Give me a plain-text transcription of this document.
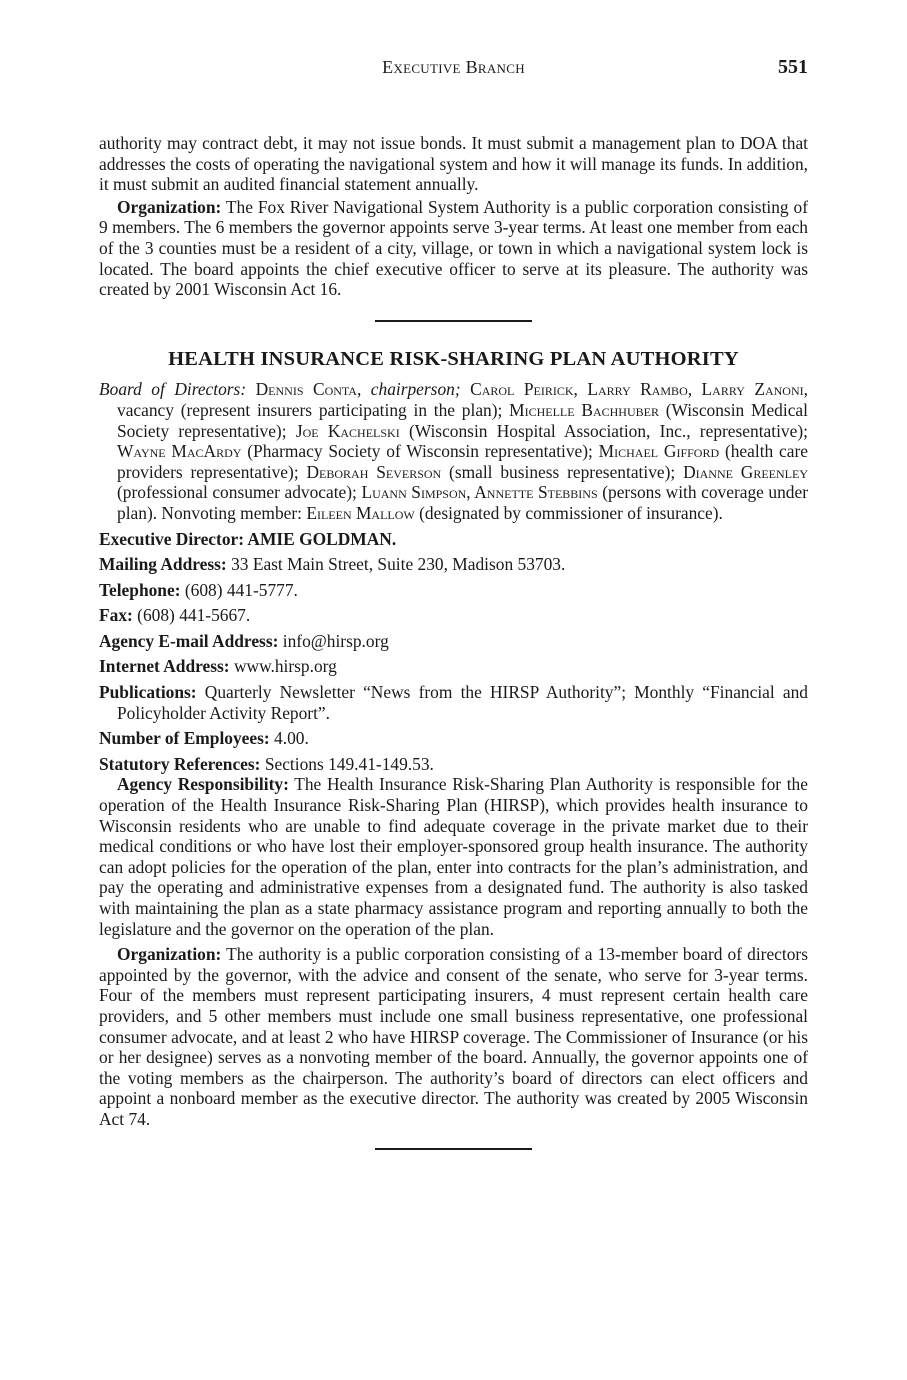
Executive Branch	551

authority may contract debt, it may not issue bonds. It must submit a management plan to DOA that addresses the costs of operating the navigational system and how it will manage its funds. In addition, it must submit an audited financial statement annually.

Organization: The Fox River Navigational System Authority is a public corporation consisting of 9 members. The 6 members the governor appoints serve 3-year terms. At least one member from each of the 3 counties must be a resident of a city, village, or town in which a navigational system lock is located. The board appoints the chief executive officer to serve at its pleasure. The authority was created by 2001 Wisconsin Act 16.

HEALTH INSURANCE RISK-SHARING PLAN AUTHORITY

Board of Directors: Dennis Conta, chairperson; Carol Peirick, Larry Rambo, Larry Zanoni, vacancy (represent insurers participating in the plan); Michelle Bachhuber (Wisconsin Medical Society representative); Joe Kachelski (Wisconsin Hospital Association, Inc., representative); Wayne MacArdy (Pharmacy Society of Wisconsin representative); Michael Gifford (health care providers representative); Deborah Severson (small business representative); Dianne Greenley (professional consumer advocate); Luann Simpson, Annette Stebbins (persons with coverage under plan). Nonvoting member: Eileen Mallow (designated by commissioner of insurance).

Executive Director: AMIE GOLDMAN.

Mailing Address: 33 East Main Street, Suite 230, Madison 53703.

Telephone: (608) 441-5777.

Fax: (608) 441-5667.

Agency E-mail Address: info@hirsp.org

Internet Address: www.hirsp.org

Publications: Quarterly Newsletter “News from the HIRSP Authority”; Monthly “Financial and Policyholder Activity Report”.

Number of Employees: 4.00.

Statutory References: Sections 149.41-149.53.

Agency Responsibility: The Health Insurance Risk-Sharing Plan Authority is responsible for the operation of the Health Insurance Risk-Sharing Plan (HIRSP), which provides health insurance to Wisconsin residents who are unable to find adequate coverage in the private market due to their medical conditions or who have lost their employer-sponsored group health insurance. The authority can adopt policies for the operation of the plan, enter into contracts for the plan’s administration, and pay the operating and administrative expenses from a designated fund. The authority is also tasked with maintaining the plan as a state pharmacy assistance program and reporting annually to both the legislature and the governor on the operation of the plan.

Organization: The authority is a public corporation consisting of a 13-member board of directors appointed by the governor, with the advice and consent of the senate, who serve for 3-year terms. Four of the members must represent participating insurers, 4 must represent certain health care providers, and 5 other members must include one small business representative, one professional consumer advocate, and at least 2 who have HIRSP coverage. The Commissioner of Insurance (or his or her designee) serves as a nonvoting member of the board. Annually, the governor appoints one of the voting members as the chairperson. The authority’s board of directors can elect officers and appoint a nonboard member as the executive director. The authority was created by 2005 Wisconsin Act 74.
